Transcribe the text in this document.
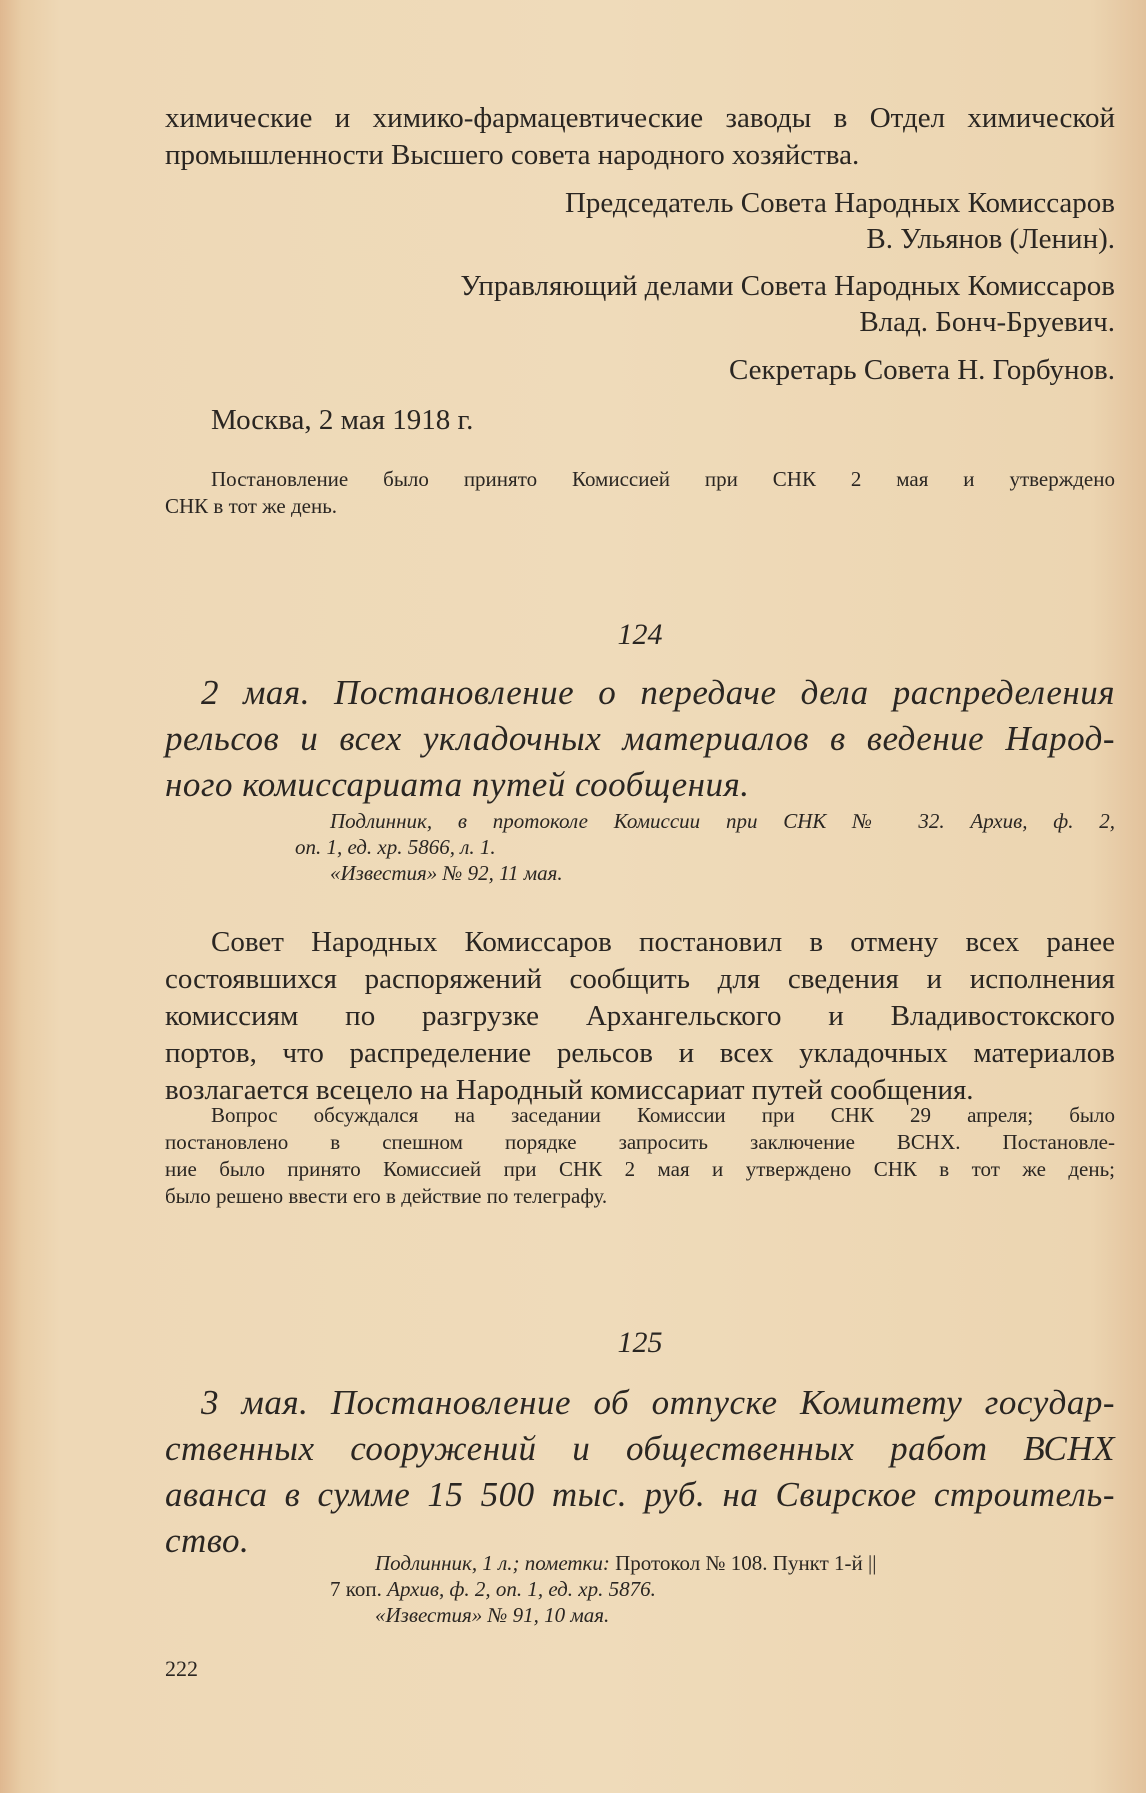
химические и химико-фармацевтические заводы в Отдел химической
промышленности Высшего совета народного хозяйства.
Председатель Совета Народных Комиссаров
В. Ульянов (Ленин).
Управляющий делами Совета Народных Комиссаров
Влад. Бонч-Бруевич.
Секретарь Совета Н. Горбунов.
Москва, 2 мая 1918 г.
Постановление было принято Комиссией при СНК 2 мая и утверждено
СНК в тот же день.
124
2 мая. Постановление о передаче дела распределения
рельсов и всех укладочных материалов в ведение Народ-
ного комиссариата путей сообщения.
Подлинник, в протоколе Комиссии при СНК № 32. Архив, ф. 2,
оп. 1, ед. хр. 5866, л. 1.
«Известия» № 92, 11 мая.
Совет Народных Комиссаров постановил в отмену всех ранее
состоявшихся распоряжений сообщить для сведения и исполнения
комиссиям по разгрузке Архангельского и Владивостокского
портов, что распределение рельсов и всех укладочных материалов
возлагается всецело на Народный комиссариат путей сообщения.
Вопрос обсуждался на заседании Комиссии при СНК 29 апреля; было
постановлено в спешном порядке запросить заключение ВСНХ. Постановле-
ние было принято Комиссией при СНК 2 мая и утверждено СНК в тот же день;
было решено ввести его в действие по телеграфу.
125
3 мая. Постановление об отпуске Комитету государ-
ственных сооружений и общественных работ ВСНХ
аванса в сумме 15 500 тыс. руб. на Свирское строитель-
ство.
Подлинник, 1 л.; пометки: Протокол № 108. Пункт 1-й ||
7 коп. Архив, ф. 2, оп. 1, ед. хр. 5876.
«Известия» № 91, 10 мая.
222
